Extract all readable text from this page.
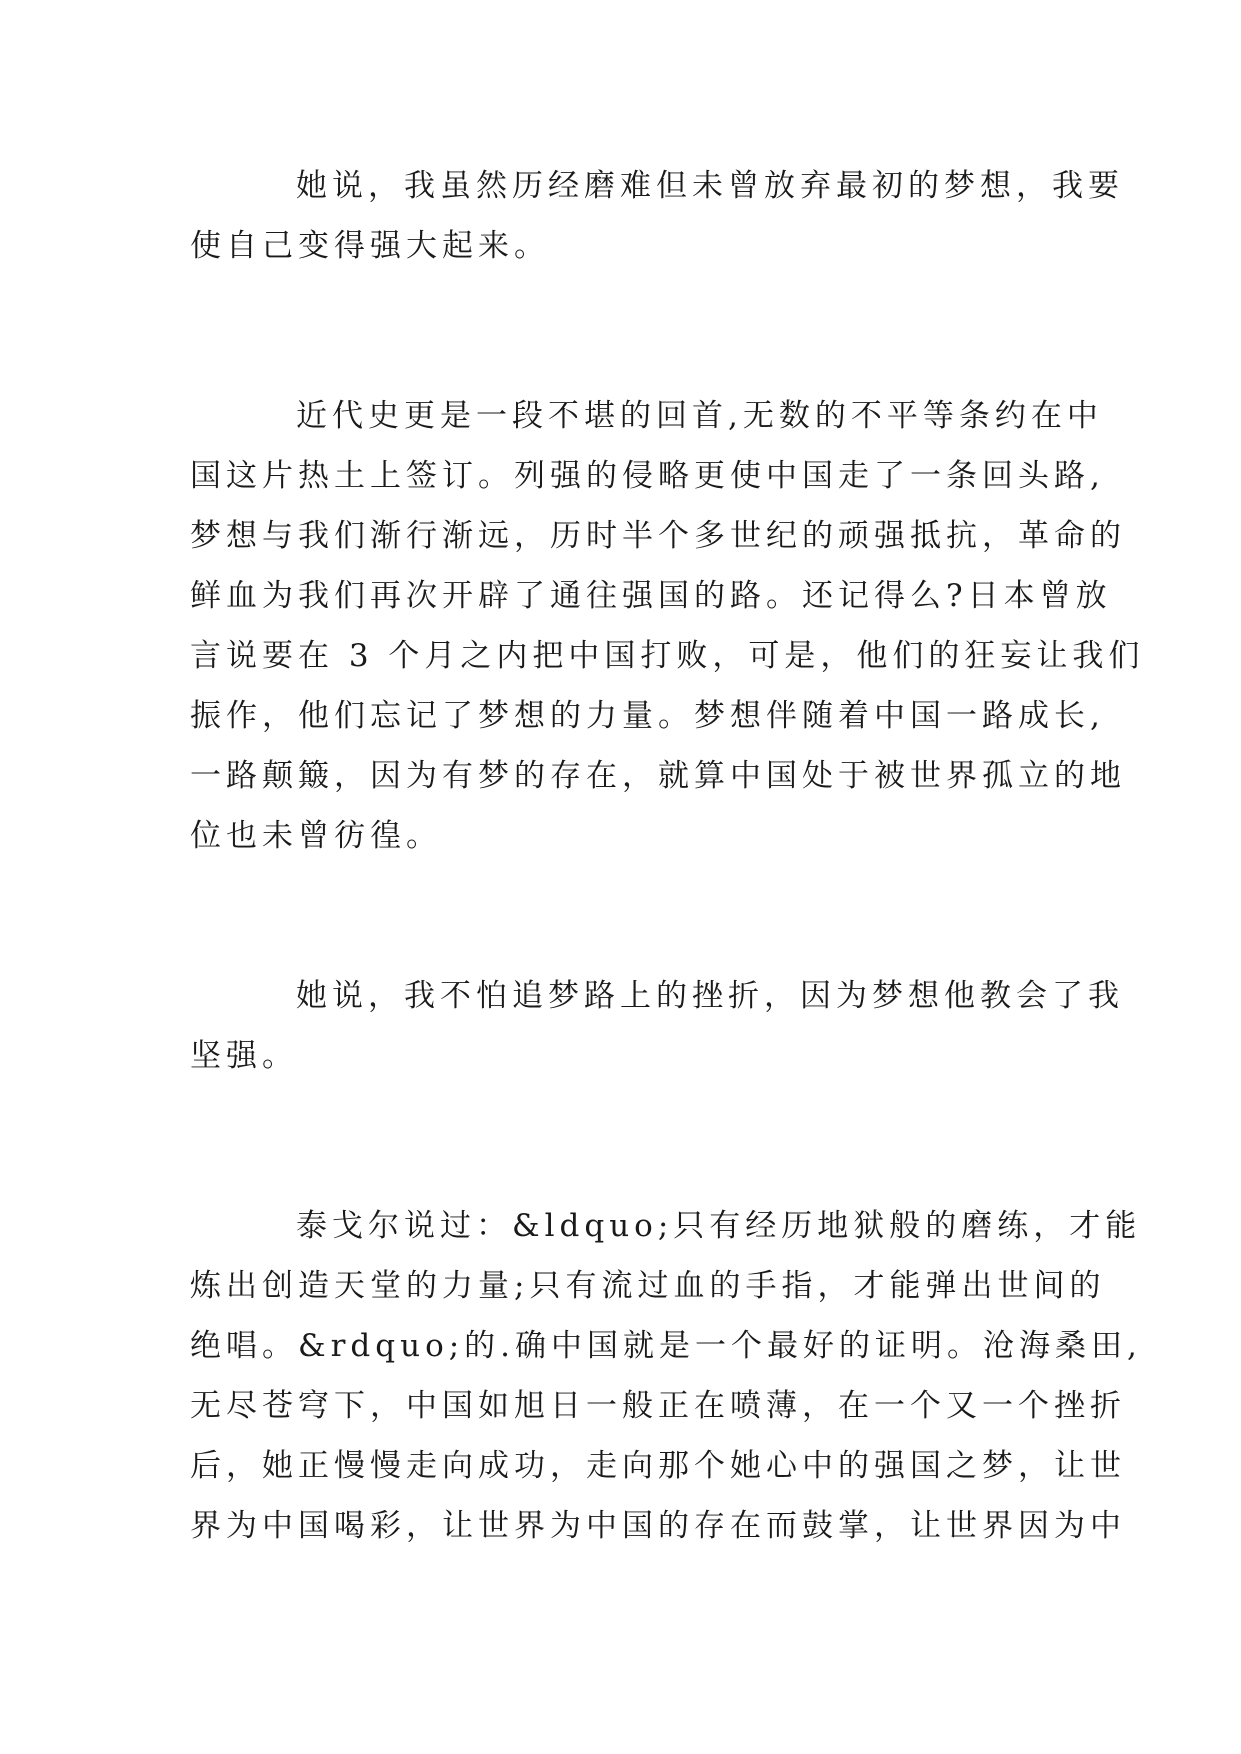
她说，我虽然历经磨难但未曾放弃最初的梦想，我要
使自己变得强大起来。
近代史更是一段不堪的回首,无数的不平等条约在中
国这片热土上签订。列强的侵略更使中国走了一条回头路,
梦想与我们渐行渐远，历时半个多世纪的顽强抵抗，革命的
鲜血为我们再次开辟了通往强国的路。还记得么?日本曾放
言说要在 3 个月之内把中国打败，可是，他们的狂妄让我们
振作，他们忘记了梦想的力量。梦想伴随着中国一路成长,
一路颠簸，因为有梦的存在，就算中国处于被世界孤立的地
位也未曾彷徨。
她说，我不怕追梦路上的挫折，因为梦想他教会了我
坚强。
泰戈尔说过：&ldquo;只有经历地狱般的磨练，才能
炼出创造天堂的力量;只有流过血的手指，才能弹出世间的
绝唱。&rdquo;的.确中国就是一个最好的证明。沧海桑田,
无尽苍穹下，中国如旭日一般正在喷薄，在一个又一个挫折
后，她正慢慢走向成功，走向那个她心中的强国之梦，让世
界为中国喝彩，让世界为中国的存在而鼓掌，让世界因为中
